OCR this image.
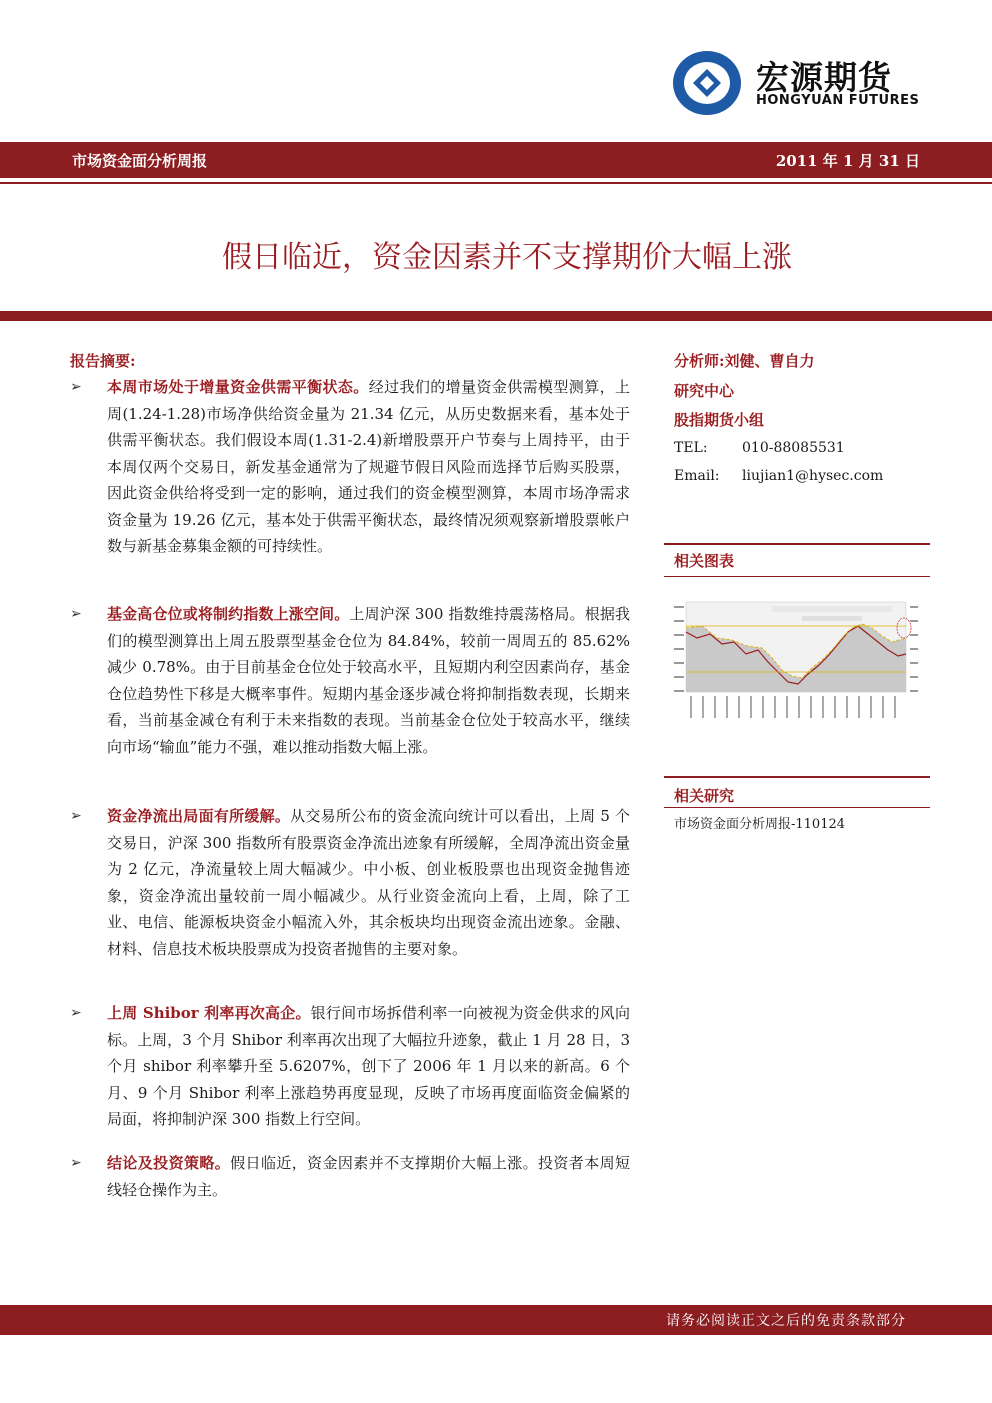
宏源期货
HONGYUAN FUTURES
市场资金面分析周报	2011 年 1 月 31 日
假日临近，资金因素并不支撑期价大幅上涨
报告摘要:
➢ 本周市场处于增量资金供需平衡状态。经过我们的增量资金供需模型测算，上周(1.24-1.28)市场净供给资金量为 21.34 亿元，从历史数据来看，基本处于供需平衡状态。我们假设本周(1.31-2.4)新增股票开户节奏与上周持平，由于本周仅两个交易日，新发基金通常为了规避节假日风险而选择节后购买股票，因此资金供给将受到一定的影响，通过我们的资金模型测算，本周市场净需求资金量为 19.26 亿元，基本处于供需平衡状态，最终情况须观察新增股票帐户数与新基金募集金额的可持续性。

➢ 基金高仓位或将制约指数上涨空间。上周沪深 300 指数维持震荡格局。根据我们的模型测算出上周五股票型基金仓位为 84.84%，较前一周周五的 85.62%减少 0.78%。由于目前基金仓位处于较高水平，且短期内利空因素尚存，基金仓位趋势性下移是大概率事件。短期内基金逐步减仓将抑制指数表现，长期来看，当前基金减仓有利于未来指数的表现。当前基金仓位处于较高水平，继续向市场“输血”能力不强，难以推动指数大幅上涨。

➢ 资金净流出局面有所缓解。从交易所公布的资金流向统计可以看出，上周 5 个交易日，沪深 300 指数所有股票资金净流出迹象有所缓解，全周净流出资金量为 2 亿元，净流量较上周大幅减少。中小板、创业板股票也出现资金抛售迹象，资金净流出量较前一周小幅减少。从行业资金流向上看，上周，除了工业、电信、能源板块资金小幅流入外，其余板块均出现资金流出迹象。金融、材料、信息技术板块股票成为投资者抛售的主要对象。

➢ 上周 Shibor 利率再次高企。银行间市场拆借利率一向被视为资金供求的风向标。上周，3 个月 Shibor 利率再次出现了大幅拉升迹象，截止 1 月 28 日，3 个月 shibor 利率攀升至 5.6207%，创下了 2006 年 1 月以来的新高。6 个月、9 个月 Shibor 利率上涨趋势再度显现，反映了市场再度面临资金偏紧的局面，将抑制沪深 300 指数上行空间。

➢ 结论及投资策略。假日临近，资金因素并不支撑期价大幅上涨。投资者本周短线轻仓操作为主。

分析师:刘健、曹自力
研究中心
股指期货小组
TEL: 010-88085531
Email: liujian1@hysec.com
相关图表
相关研究
市场资金面分析周报-110124
请务必阅读正文之后的免责条款部分
